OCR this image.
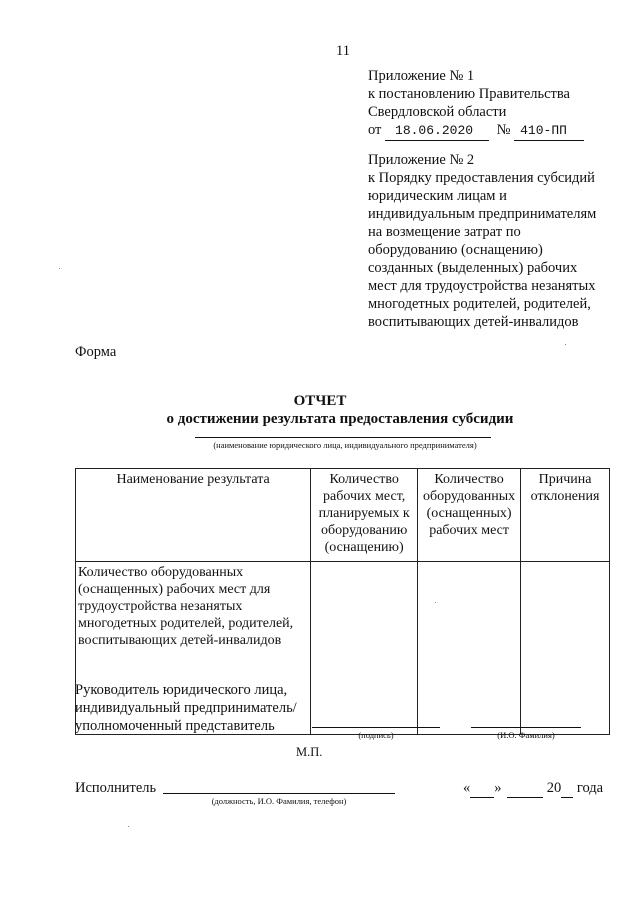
11
Приложение № 1
к постановлению Правительства
Свердловской области
от 18.06.2020 № 410-ПП
Приложение № 2
к Порядку предоставления субсидий
юридическим лицам и
индивидуальным предпринимателям
на возмещение затрат по
оборудованию (оснащению)
созданных (выделенных) рабочих
мест для трудоустройства незанятых
многодетных родителей, родителей,
воспитывающих детей-инвалидов
Форма
ОТЧЕТ
о достижении результата предоставления субсидии
(наименование юридического лица, индивидуального предпринимателя)
Наименование результата	Количество рабочих мест, планируемых к оборудованию (оснащению)	Количество оборудованных (оснащенных) рабочих мест	Причина отклонения
Количество оборудованных (оснащенных) рабочих мест для трудоустройства незанятых многодетных родителей, родителей, воспитывающих детей-инвалидов			
Руководитель юридического лица,
индивидуальный предприниматель/
уполномоченный представитель
(подпись)	(И.О. Фамилия)
М.П.
Исполнитель
(должность, И.О. Фамилия, телефон)
« »	20 года
